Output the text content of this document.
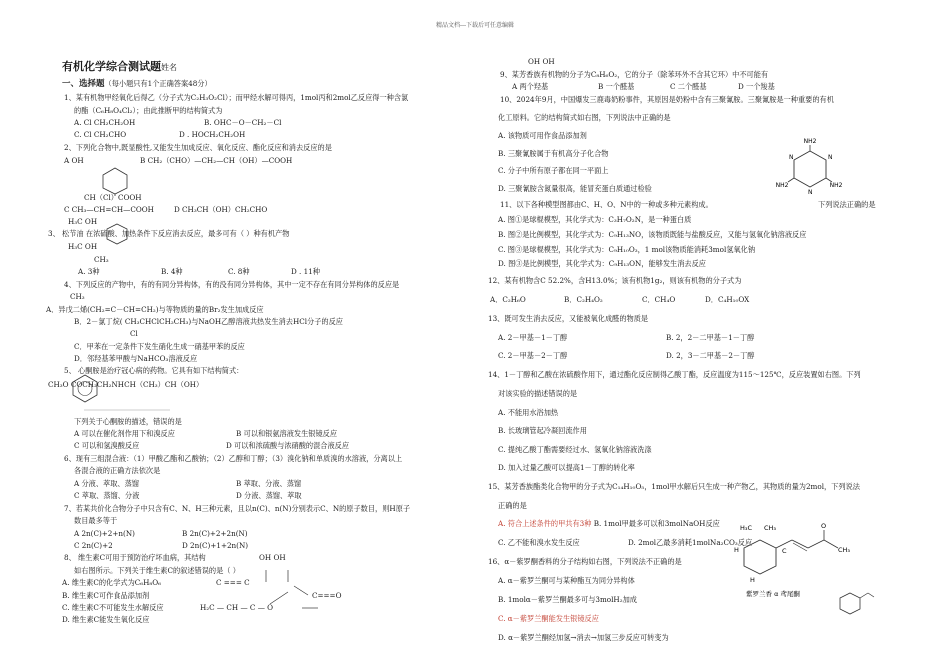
精品文档---下载后可任意编辑
有机化学综合测试题姓名
一、选择题（每小题只有1个正确答案48分）
1、某有机物甲经氧化后得乙（分子式为C₂H₃O₂Cl）；而甲经水解可得丙，1mol丙和2mol乙反应得一种含氯
的酯（C₆H₈O₄Cl₂）；由此推断甲的结构简式为
A. Cl CH₂CH₂OH	B. OHC－O－CH₂－Cl
C. Cl CH₂CHO	D . HOCH₂CH₂OH
2、下列化合物中,既显酸性,又能发生加成反应、氧化反应、酯化反应和消去反应的是
A OH	B CH₂（CHO）—CH₂—CH（OH）—COOH
CH（Cl）COOH
C CH₃—CH=CH—COOH	D CH₃CH（OH）CH₂CHO
H₃C OH
3、 松节油 在浓硫酸、加热条件下反应消去反应，最多可有（ ）种有机产物
H₃C OH
CH₃
A. 3种	B. 4种	C. 8种	D . 11种
4、下列反应的产物中，有的有同分异构体，有的没有同分异构体，其中一定不存在有同分异构体的反应是
CH₃
A．异戊二烯(CH₂=C－CH=CH₂)与等物质的量的Br₂发生加成反应
B．2－氯丁烷( CH₃CHClCH₂CH₃)与NaOH乙醇溶液共热发生消去HCl分子的反应
Cl
C．甲苯在一定条件下发生硝化生成一硝基甲苯的反应
D．邻羟基苯甲酸与NaHCO₃溶液反应
5、 心酮胺是治疗冠心病的药物。它具有如下结构简式：
CH₃O COCH₂CH₂NHCH（CH₃）CH（OH）
下列关于心酮胺的描述，错误的是
A 可以在催化剂作用下和溴反应	B 可以和银氨溶液发生银镜反应
C 可以和氢溴酸反应	D 可以和浓硫酸与浓硝酸的混合液反应
6、现有三组混合液：（1）甲酸乙酯和乙酸钠；（2）乙醇和丁醇；（3）溴化钠和单质溴的水溶液，分离以上
各混合液的正确方法依次是
A 分液、萃取、蒸馏	B 萃取、分液、蒸馏
C 萃取、蒸馏、分液	D 分液、蒸馏、萃取
7、若某共价化合物分子中只含有C、N、H三种元素，且以n(C)、n(N)分别表示C、N的原子数目，则H原子
数目最多等于
A 2n(C)+2+n(N)	B 2n(C)+2+2n(N)
C 2n(C)+2	D 2n(C)+1+2n(N)
8、 维生素C可用于预防治疗坏血病，其结构	OH OH
如右图所示。下列关于维生素C的叙述错误的是（ ）
A. 维生素C的化学式为C₆H₈O₆
B. 维生素C可作食品添加剂
C. 维生素C不可能发生水解反应
D. 维生素C能发生氧化反应
C === C
C===O
H₂C — CH — C — O
OH OH
9、某芳香族有机物的分子为C₈H₆O₂，它的分子（除苯环外不含其它环）中不可能有
A 两个羟基	B 一个醛基	C 二个醛基	D 一个羧基
10、2024年9月，中国爆发三鹿毒奶粉事件，其原因是奶粉中含有三聚氰胺。三聚氰胺是一种重要的有机
化工原料。它的结构简式如右图，下列说法中正确的是
A. 该物质可用作食品添加剂
B. 三聚氰胺属于有机高分子化合物
C. 分子中所有原子都在同一平面上
D. 三聚氰胺含氮量很高，能冒充蛋白质通过检验
11、以下各种模型图都由C、H、O、N中的一种或多种元素构成。	下列说法正确的是
A. 图①是球棍模型，其化学式为：C₃H₇O₂N，是一种蛋白质
B. 图②是比例模型，其化学式为：C₉H₁₃NO，该物质既能与盐酸反应，又能与氢氧化钠溶液反应
C. 图③是球棍模型，其化学式为：C₉H₁₀O₃，1 mol该物质能消耗3mol氢氧化钠
D. 图③是比例模型，其化学式为：C₉H₁₃ON，能够发生消去反应
12、某有机物含C 52.2%，含H13.0%；该有机物1g₂，则该有机物的分子式为
A．C₂H₆O	B．C₂H₄O₂	C．CH₄O	D．C₄H₁₀OX
13、既可发生消去反应，又能被氧化成醛的物质是
A. 2－甲基－1－丁醇	B. 2，2－二甲基－1－丁醇
C. 2－甲基－2－丁醇	D. 2，3－二甲基－2－丁醇
14、1－丁醇和乙酸在浓硫酸作用下，通过酯化反应制得乙酸丁酯，反应温度为115～125℃，反应装置如右图。下列
对该实验的描述错误的是
A. 不能用水浴加热
B. 长玻璃管起冷凝回流作用
C. 提纯乙酸丁酯需要经过水、氢氧化钠溶液洗涤
D. 加入过量乙酸可以提高1－丁醇的转化率
15、某芳香族酯类化合物甲的分子式为C₁₄H₁₀O₅，1mol甲水解后只生成一种产物乙，其物质的量为2mol，下列说法
正确的是
A. 符合上述条件的甲共有3种 B. 1mol甲最多可以和3molNaOH反应
C. 乙不能和溴水发生反应	D. 2mol乙最多消耗1molNa₂CO₃反应
16、α－紫罗酮香料的分子结构如右图，下列说法不正确的是
A. α－紫罗兰酮可与某种酯互为同分异构体
B. 1molα－紫罗兰酮最多可与3molH₂加成
C. α－紫罗兰酮能发生银镜反应
D. α－紫罗兰酮经加氢→消去→加氢三步反应可转变为
NH2
NH2
NH2
N
N
N
H₃C CH₃
H	C
O
H
CH₃
紫罗兰香 α 鸢尾酮
